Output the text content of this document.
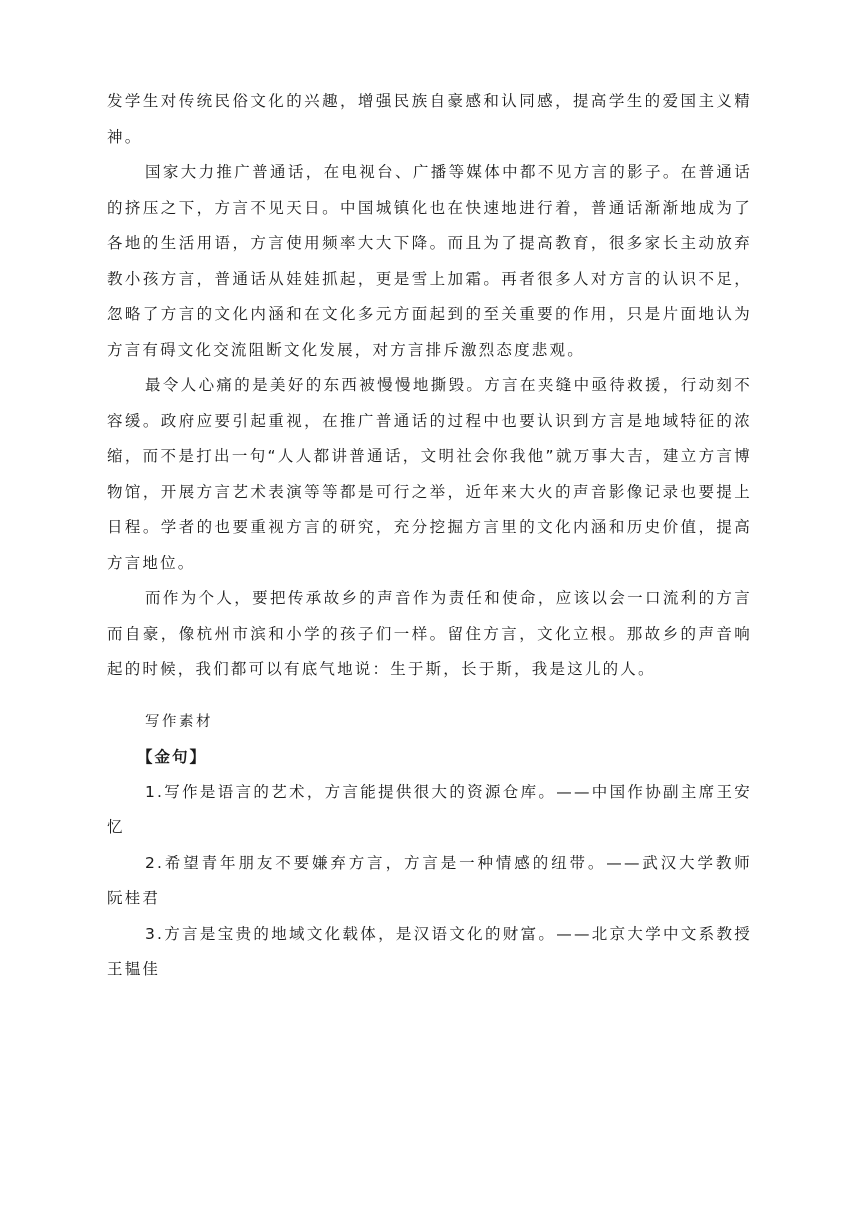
发学生对传统民俗文化的兴趣，增强民族自豪感和认同感，提高学生的爱国主义精神。

国家大力推广普通话，在电视台、广播等媒体中都不见方言的影子。在普通话的挤压之下，方言不见天日。中国城镇化也在快速地进行着，普通话渐渐地成为了各地的生活用语，方言使用频率大大下降。而且为了提高教育，很多家长主动放弃教小孩方言，普通话从娃娃抓起，更是雪上加霜。再者很多人对方言的认识不足，忽略了方言的文化内涵和在文化多元方面起到的至关重要的作用，只是片面地认为方言有碍文化交流阻断文化发展，对方言排斥激烈态度悲观。

最令人心痛的是美好的东西被慢慢地撕毁。方言在夹缝中亟待救援，行动刻不容缓。政府应要引起重视，在推广普通话的过程中也要认识到方言是地域特征的浓缩，而不是打出一句“人人都讲普通话，文明社会你我他”就万事大吉，建立方言博物馆，开展方言艺术表演等等都是可行之举，近年来大火的声音影像记录也要提上日程。学者的也要重视方言的研究，充分挖掘方言里的文化内涵和历史价值，提高方言地位。

而作为个人，要把传承故乡的声音作为责任和使命，应该以会一口流利的方言而自豪，像杭州市滨和小学的孩子们一样。留住方言，文化立根。那故乡的声音响起的时候，我们都可以有底气地说：生于斯，长于斯，我是这儿的人。

写作素材
【金句】

1.写作是语言的艺术，方言能提供很大的资源仓库。——中国作协副主席王安忆

2.希望青年朋友不要嫌弃方言，方言是一种情感的纽带。——武汉大学教师 阮桂君

3.方言是宝贵的地域文化载体，是汉语文化的财富。——北京大学中文系教授 王韫佳
